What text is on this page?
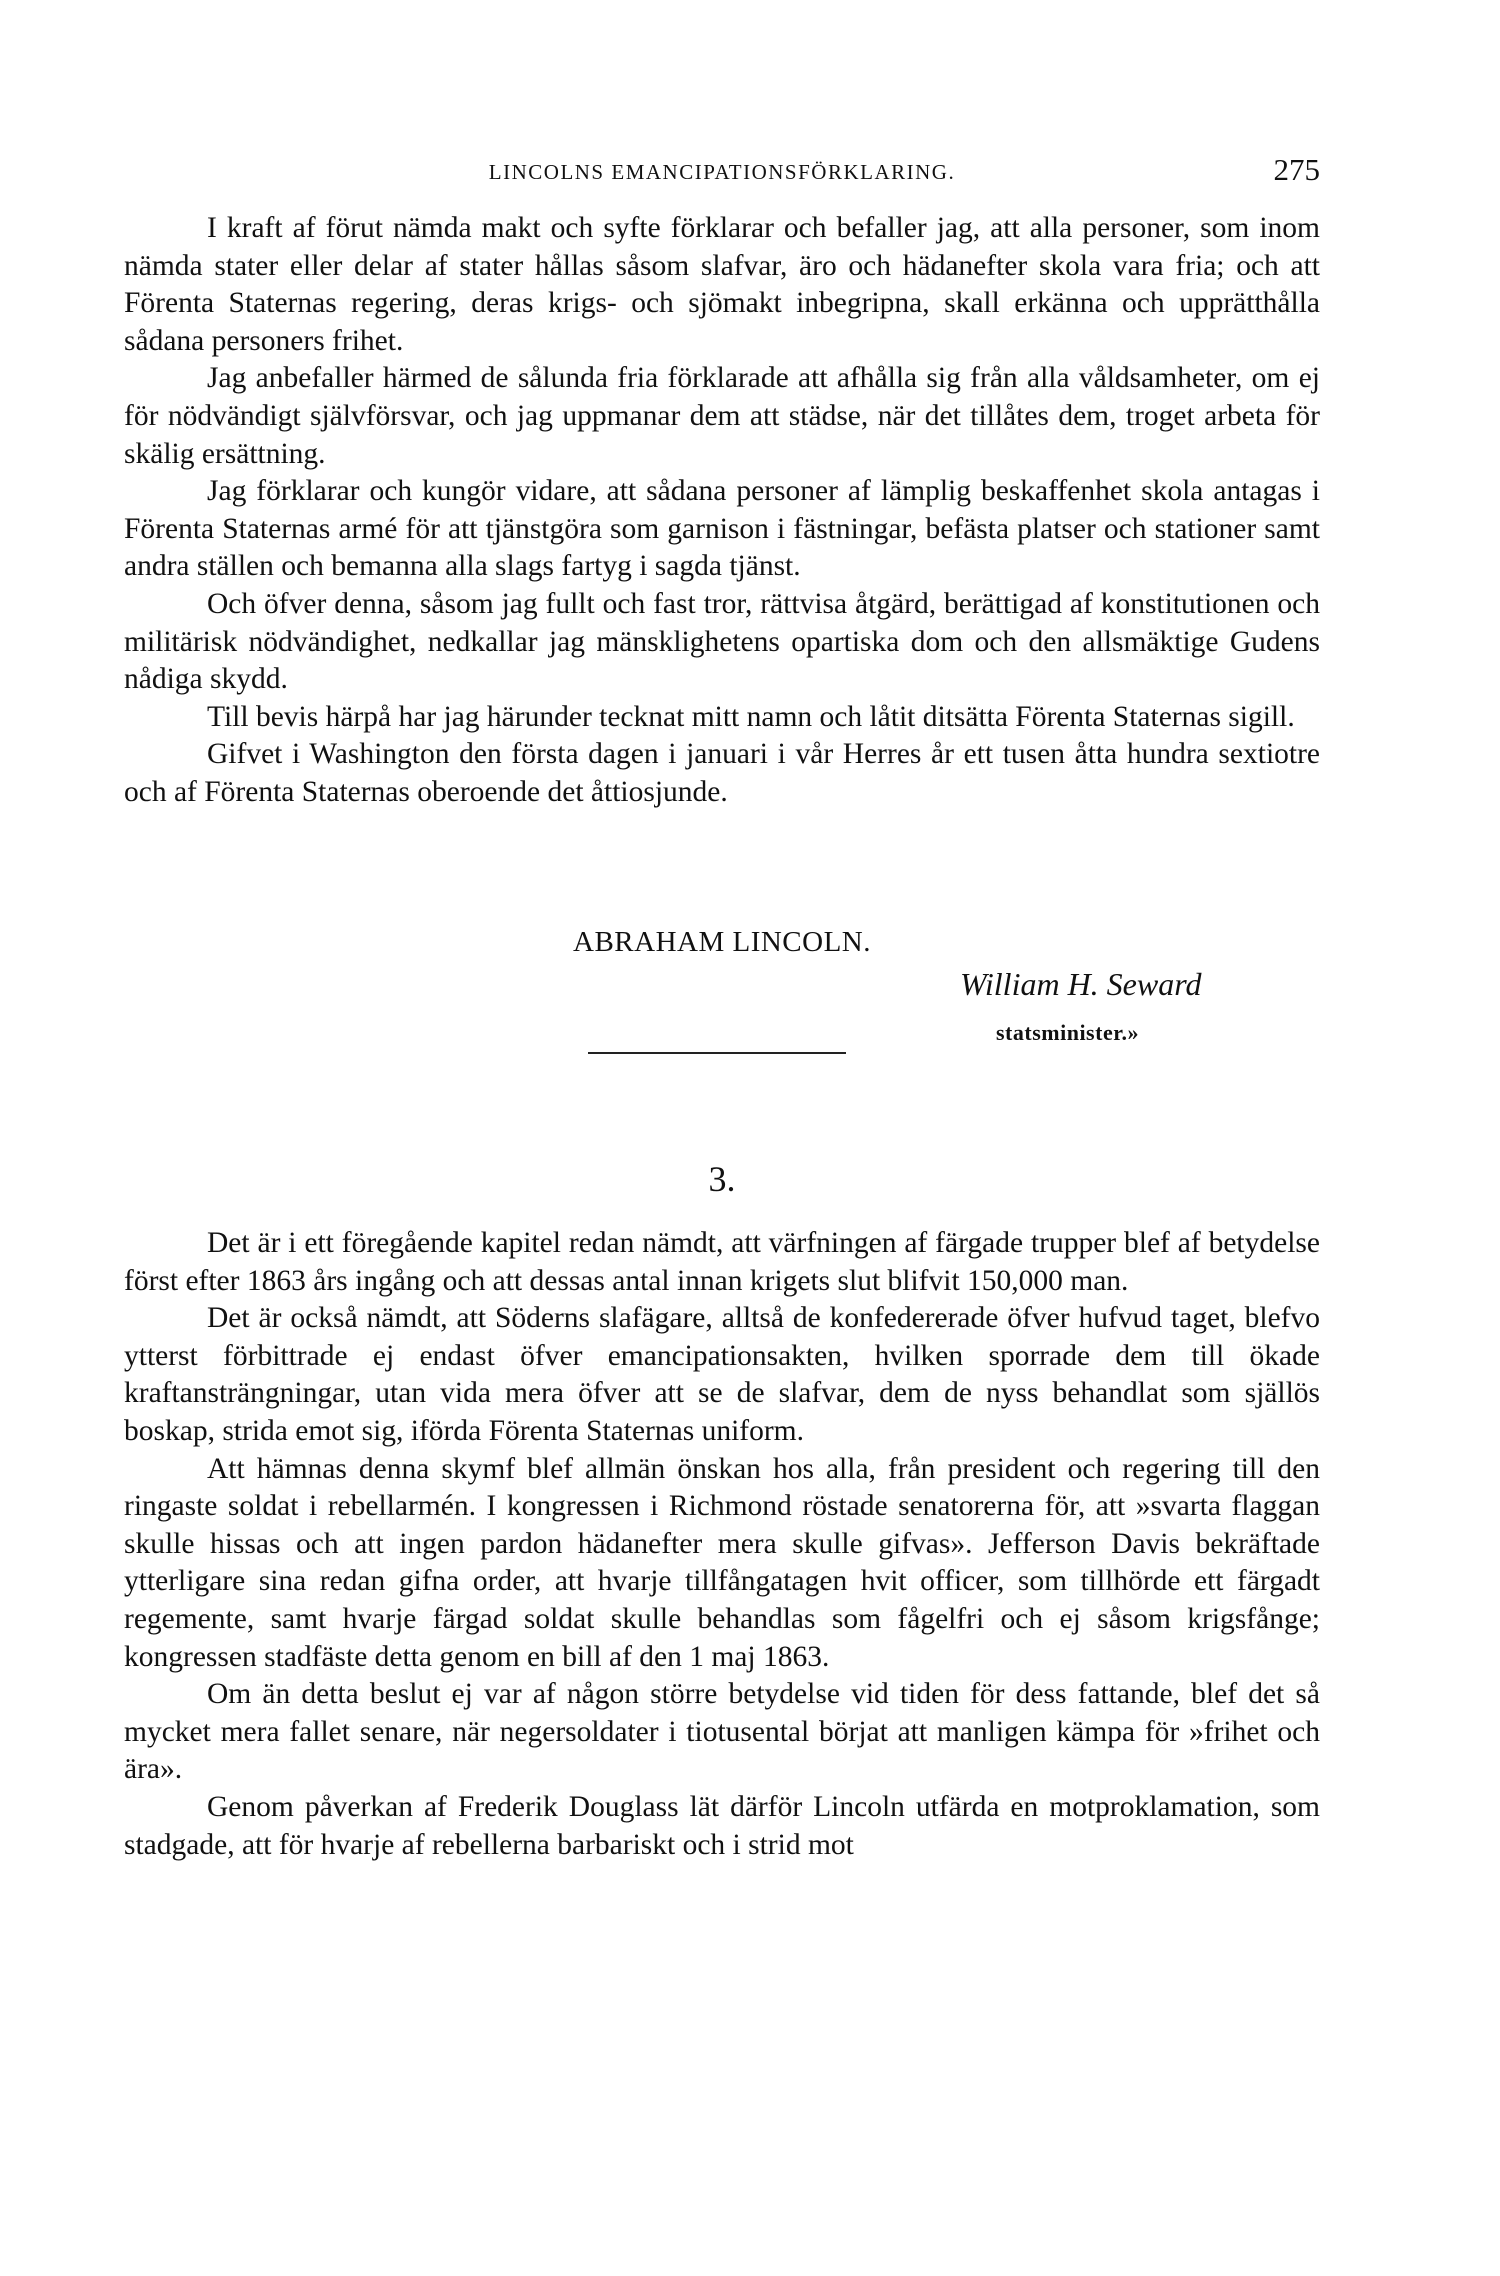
LINCOLNS EMANCIPATIONSFÖRKLARING.	275

I kraft af förut nämda makt och syfte förklarar och befaller jag, att alla personer, som inom nämda stater eller delar af stater hållas såsom slafvar, äro och hädanefter skola vara fria; och att Förenta Staternas regering, deras krigs- och sjömakt inbegripna, skall erkänna och upprätthålla sådana personers frihet.

Jag anbefaller härmed de sålunda fria förklarade att afhålla sig från alla våldsamheter, om ej för nödvändigt självförsvar, och jag uppmanar dem att städse, när det tillåtes dem, troget arbeta för skälig ersättning.

Jag förklarar och kungör vidare, att sådana personer af lämplig beskaffenhet skola antagas i Förenta Staternas armé för att tjänstgöra som garnison i fästningar, befästa platser och stationer samt andra ställen och bemanna alla slags fartyg i sagda tjänst.

Och öfver denna, såsom jag fullt och fast tror, rättvisa åtgärd, berättigad af konstitutionen och militärisk nödvändighet, nedkallar jag mänsklighetens opartiska dom och den allsmäktige Gudens nådiga skydd.

Till bevis härpå har jag härunder tecknat mitt namn och låtit ditsätta Förenta Staternas sigill.

Gifvet i Washington den första dagen i januari i vår Herres år ett tusen åtta hundra sextiotre och af Förenta Staternas oberoende det åttiosjunde.

ABRAHAM LINCOLN.
William H. Seward
statsminister.»
3.

Det är i ett föregående kapitel redan nämdt, att värfningen af färgade trupper blef af betydelse först efter 1863 års ingång och att dessas antal innan krigets slut blifvit 150,000 man.

Det är också nämdt, att Söderns slafägare, alltså de konfedererade öfver hufvud taget, blefvo ytterst förbittrade ej endast öfver emancipationsakten, hvilken sporrade dem till ökade kraftansträngningar, utan vida mera öfver att se de slafvar, dem de nyss behandlat som själlös boskap, strida emot sig, iförda Förenta Staternas uniform.

Att hämnas denna skymf blef allmän önskan hos alla, från president och regering till den ringaste soldat i rebellarmén. I kongressen i Richmond röstade senatorerna för, att »svarta flaggan skulle hissas och att ingen pardon hädanefter mera skulle gifvas». Jefferson Davis bekräftade ytterligare sina redan gifna order, att hvarje tillfångatagen hvit officer, som tillhörde ett färgadt regemente, samt hvarje färgad soldat skulle behandlas som fågelfri och ej såsom krigsfånge; kongressen stadfäste detta genom en bill af den 1 maj 1863.

Om än detta beslut ej var af någon större betydelse vid tiden för dess fattande, blef det så mycket mera fallet senare, när negersoldater i tiotusental börjat att manligen kämpa för »frihet och ära».

Genom påverkan af Frederik Douglass lät därför Lincoln utfärda en motproklamation, som stadgade, att för hvarje af rebellerna barbariskt och i strid mot
